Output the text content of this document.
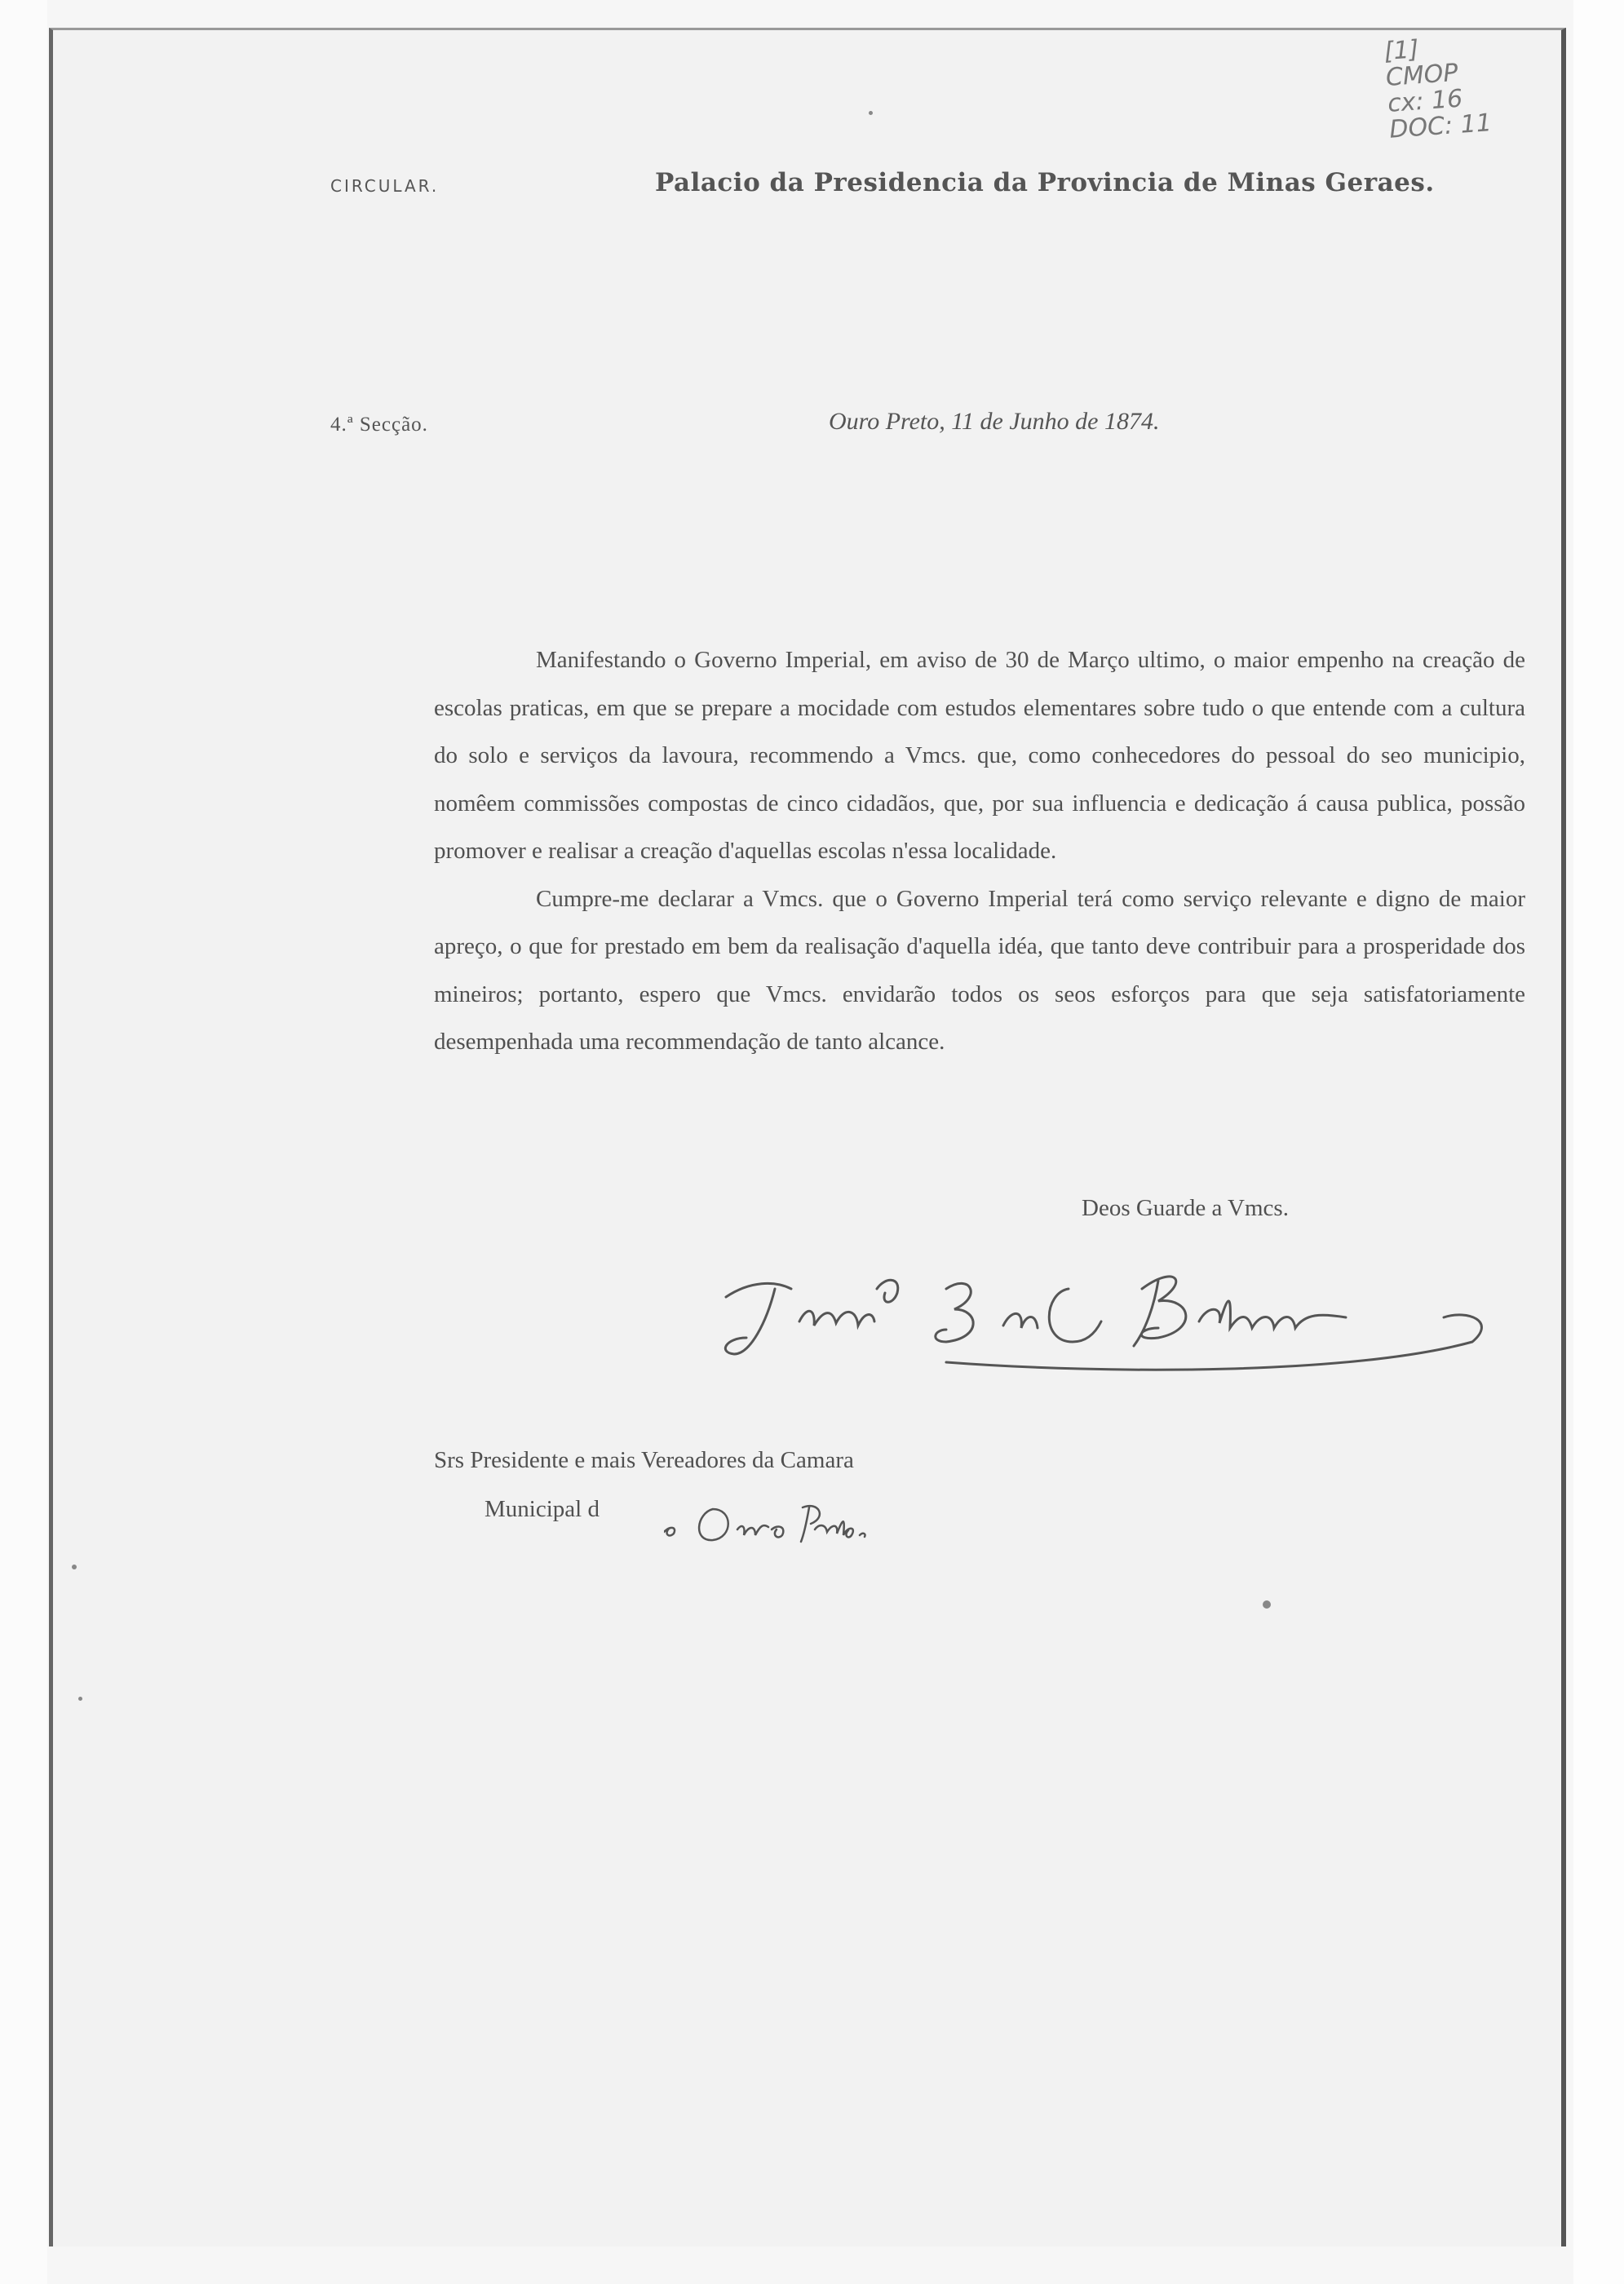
[1]
CMOP
cx: 16
DOC: 11
CIRCULAR.	Palacio da Presidencia da Provincia de Minas Geraes.
4.ª Secção.	Ouro Preto, 11 de Junho de 1874.

Manifestando o Governo Imperial, em aviso de 30 de Março ultimo, o maior empenho na creação de escolas praticas, em que se prepare a mocidade com estudos elementares sobre tudo o que entende com a cultura do solo e serviços da lavoura, recommendo a Vmcs. que, como conhecedores do pessoal do seo municipio, nomêem commissões compostas de cinco cidadãos, que, por sua influencia e dedicação á causa publica, possão promover e realisar a creação d'aquellas escolas n'essa localidade.

Cumpre-me declarar a Vmcs. que o Governo Imperial terá como serviço relevante e digno de maior apreço, o que for prestado em bem da realisação d'aquella idéa, que tanto deve contribuir para a prosperidade dos mineiros; portanto, espero que Vmcs. envidarão todos os seos esforços para que seja satisfatoriamente desempenhada uma recommendação de tanto alcance.

Deos Guarde a Vmcs.
Srs Presidente e mais Vereadores da Camara
Municipal d
